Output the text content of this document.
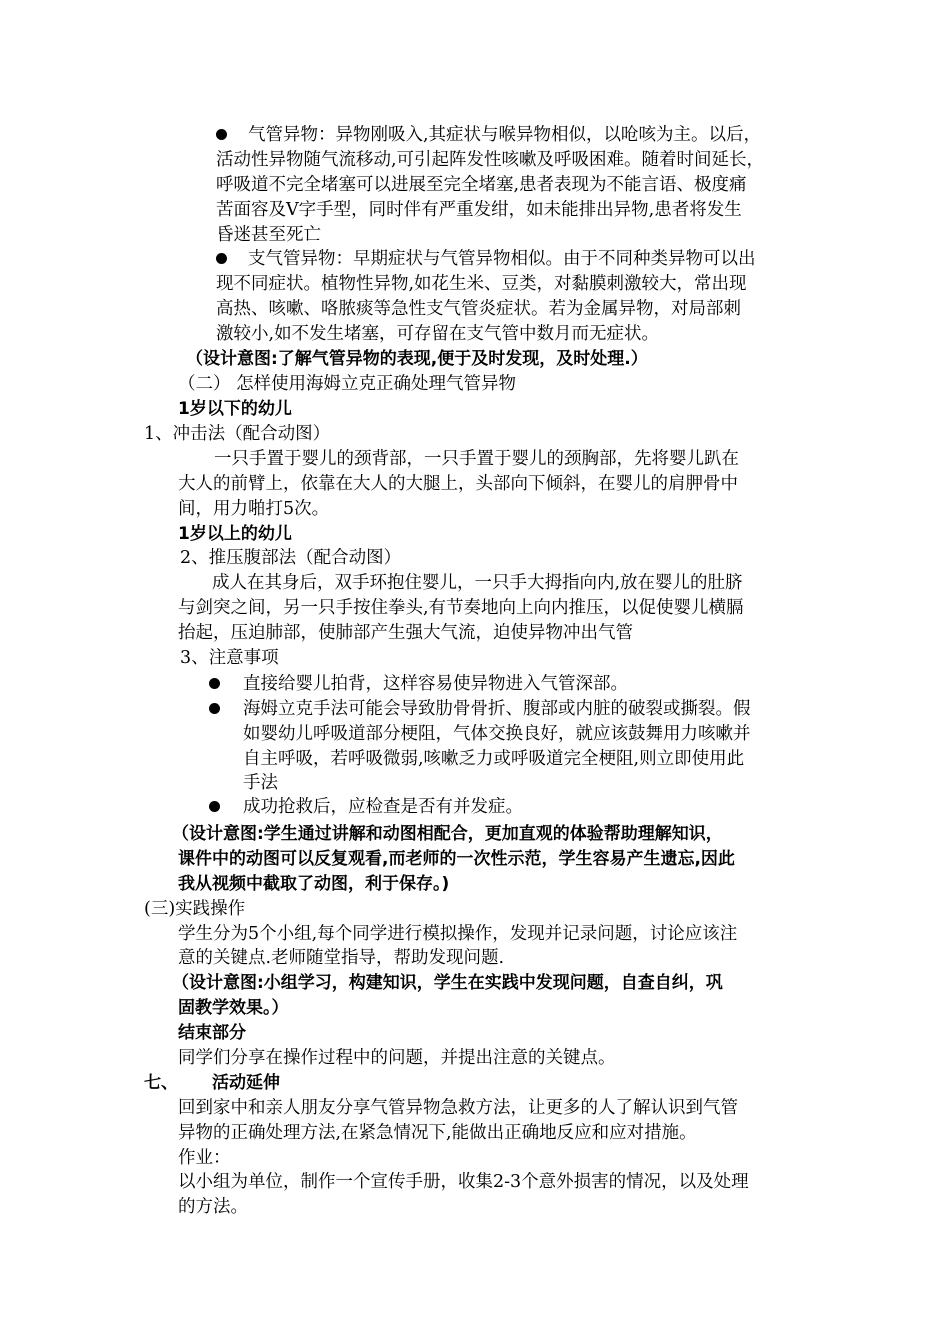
气管异物：异物刚吸入,其症状与喉异物相似，以呛咳为主。以后，
活动性异物随气流移动,可引起阵发性咳嗽及呼吸困难。随着时间延长，
呼吸道不完全堵塞可以进展至完全堵塞,患者表现为不能言语、极度痛
苦面容及Ⅴ字手型，同时伴有严重发绀，如未能排出异物,患者将发生
昏迷甚至死亡
支气管异物：早期症状与气管异物相似。由于不同种类异物可以出
现不同症状。植物性异物,如花生米、豆类，对黏膜刺激较大，常出现
高热、咳嗽、咯脓痰等急性支气管炎症状。若为金属异物，对局部刺
激较小,如不发生堵塞，可存留在支气管中数月而无症状。
（设计意图:了解气管异物的表现,便于及时发现，及时处理.）
（二） 怎样使用海姆立克正确处理气管异物
1岁以下的幼儿
1、冲击法（配合动图）
一只手置于婴儿的颈背部，一只手置于婴儿的颈胸部，先将婴儿趴在
大人的前臂上，依靠在大人的大腿上，头部向下倾斜，在婴儿的肩胛骨中
间，用力啪打5次。
1岁以上的幼儿
2、推压腹部法（配合动图）
成人在其身后，双手环抱住婴儿，一只手大拇指向内,放在婴儿的肚脐
与剑突之间，另一只手按住拳头,有节奏地向上向内推压，以促使婴儿横膈
抬起，压迫肺部，使肺部产生强大气流，迫使异物冲出气管
3、注意事项
直接给婴儿拍背，这样容易使异物进入气管深部。
海姆立克手法可能会导致肋骨骨折、腹部或内脏的破裂或撕裂。假
如婴幼儿呼吸道部分梗阻，气体交换良好，就应该鼓舞用力咳嗽并
自主呼吸，若呼吸微弱,咳嗽乏力或呼吸道完全梗阻,则立即使用此
手法
成功抢救后，应检查是否有并发症。
（设计意图:学生通过讲解和动图相配合，更加直观的体验帮助理解知识，
课件中的动图可以反复观看,而老师的一次性示范，学生容易产生遗忘,因此
我从视频中截取了动图，利于保存。)
(三)实践操作
学生分为5个小组,每个同学进行模拟操作，发现并记录问题，讨论应该注
意的关键点.老师随堂指导，帮助发现问题.
（设计意图:小组学习，构建知识，学生在实践中发现问题，自查自纠，巩
固教学效果。）
结束部分
同学们分享在操作过程中的问题，并提出注意的关键点。
七、 活动延伸
回到家中和亲人朋友分享气管异物急救方法，让更多的人了解认识到气管
异物的正确处理方法,在紧急情况下,能做出正确地反应和应对措施。
作业：
以小组为单位，制作一个宣传手册，收集2-3个意外损害的情况，以及处理
的方法。
